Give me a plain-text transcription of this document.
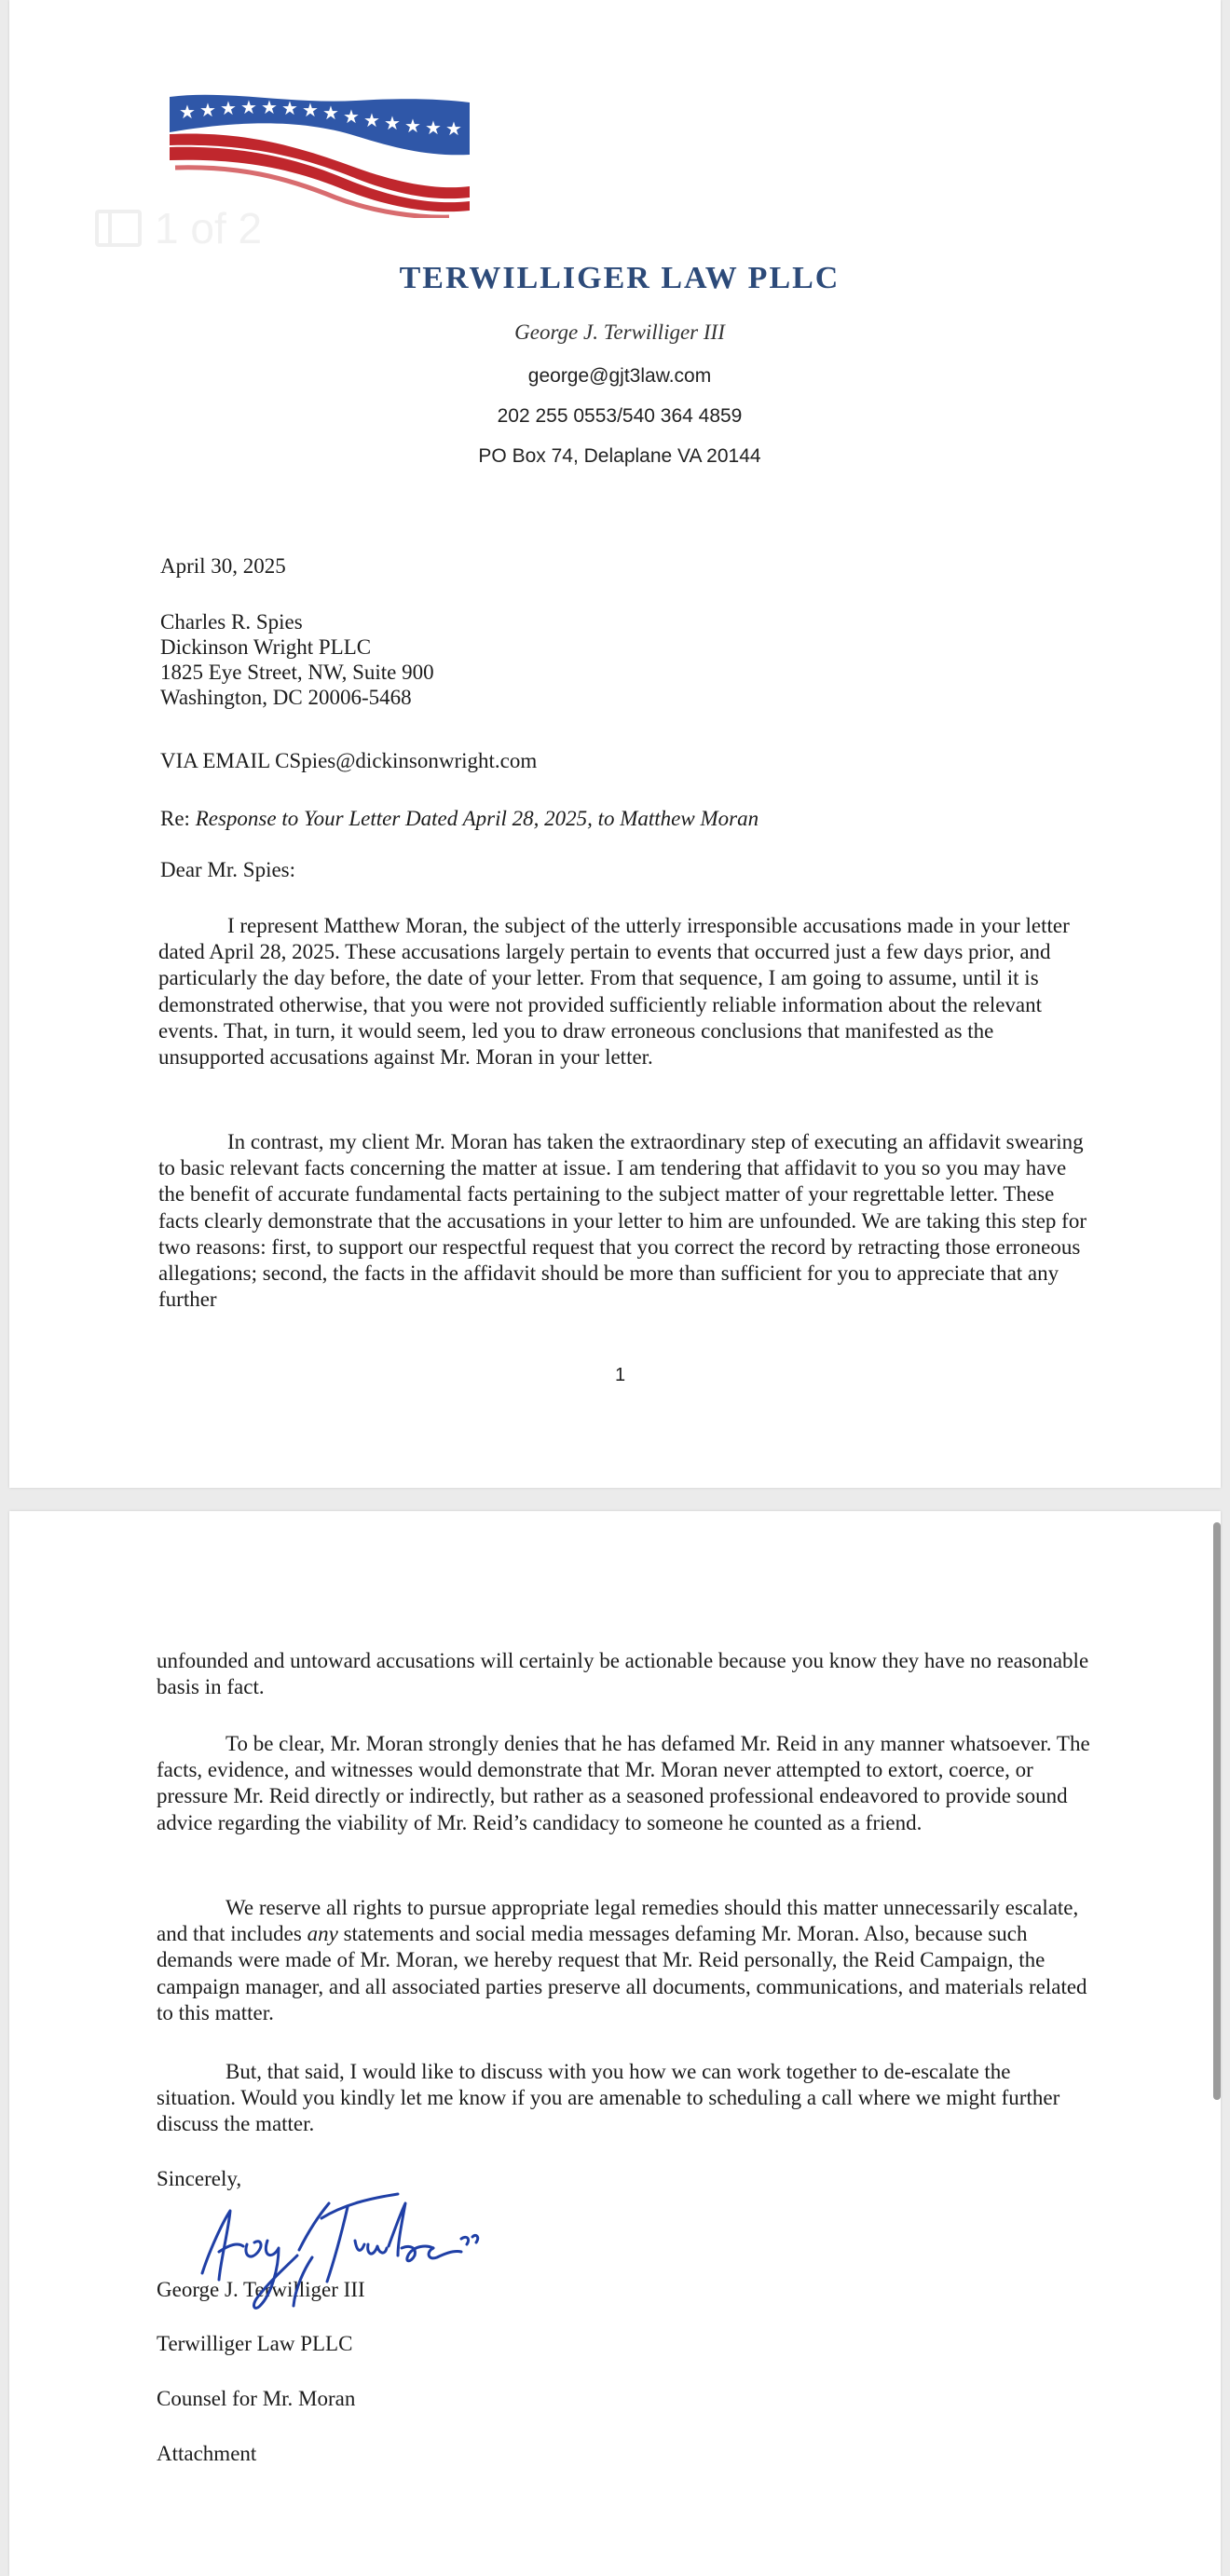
★ ★ ★ ★ ★ ★ ★ ★ ★ ★ ★ ★ ★ ★
1 of 2
TERWILLIGER LAW PLLC
George J. Terwilliger III
george@gjt3law.com
202 255 0553/540 364 4859
PO Box 74, Delaplane VA 20144
April 30, 2025
Charles R. Spies
Dickinson Wright PLLC
1825 Eye Street, NW, Suite 900
Washington, DC 20006-5468
VIA EMAIL CSpies@dickinsonwright.com
Re: Response to Your Letter Dated April 28, 2025, to Matthew Moran
Dear Mr. Spies:

I represent Matthew Moran, the subject of the utterly irresponsible accusations made in your letter dated April 28, 2025. These accusations largely pertain to events that occurred just a few days prior, and particularly the day before, the date of your letter. From that sequence, I am going to assume, until it is demonstrated otherwise, that you were not provided sufficiently reliable information about the relevant events. That, in turn, it would seem, led you to draw erroneous conclusions that manifested as the unsupported accusations against Mr. Moran in your letter.

In contrast, my client Mr. Moran has taken the extraordinary step of executing an affidavit swearing to basic relevant facts concerning the matter at issue. I am tendering that affidavit to you so you may have the benefit of accurate fundamental facts pertaining to the subject matter of your regrettable letter. These facts clearly demonstrate that the accusations in your letter to him are unfounded. We are taking this step for two reasons: first, to support our respectful request that you correct the record by retracting those erroneous allegations; second, the facts in the affidavit should be more than sufficient for you to appreciate that any further

1

unfounded and untoward accusations will certainly be actionable because you know they have no reasonable basis in fact.

To be clear, Mr. Moran strongly denies that he has defamed Mr. Reid in any manner whatsoever. The facts, evidence, and witnesses would demonstrate that Mr. Moran never attempted to extort, coerce, or pressure Mr. Reid directly or indirectly, but rather as a seasoned professional endeavored to provide sound advice regarding the viability of Mr. Reid’s candidacy to someone he counted as a friend.

We reserve all rights to pursue appropriate legal remedies should this matter unnecessarily escalate, and that includes any statements and social media messages defaming Mr. Moran. Also, because such demands were made of Mr. Moran, we hereby request that Mr. Reid personally, the Reid Campaign, the campaign manager, and all associated parties preserve all documents, communications, and materials related to this matter.

But, that said, I would like to discuss with you how we can work together to de-escalate the situation. Would you kindly let me know if you are amenable to scheduling a call where we might further discuss the matter.

Sincerely,
George J. Terwilliger III
Terwilliger Law PLLC
Counsel for Mr. Moran
Attachment
